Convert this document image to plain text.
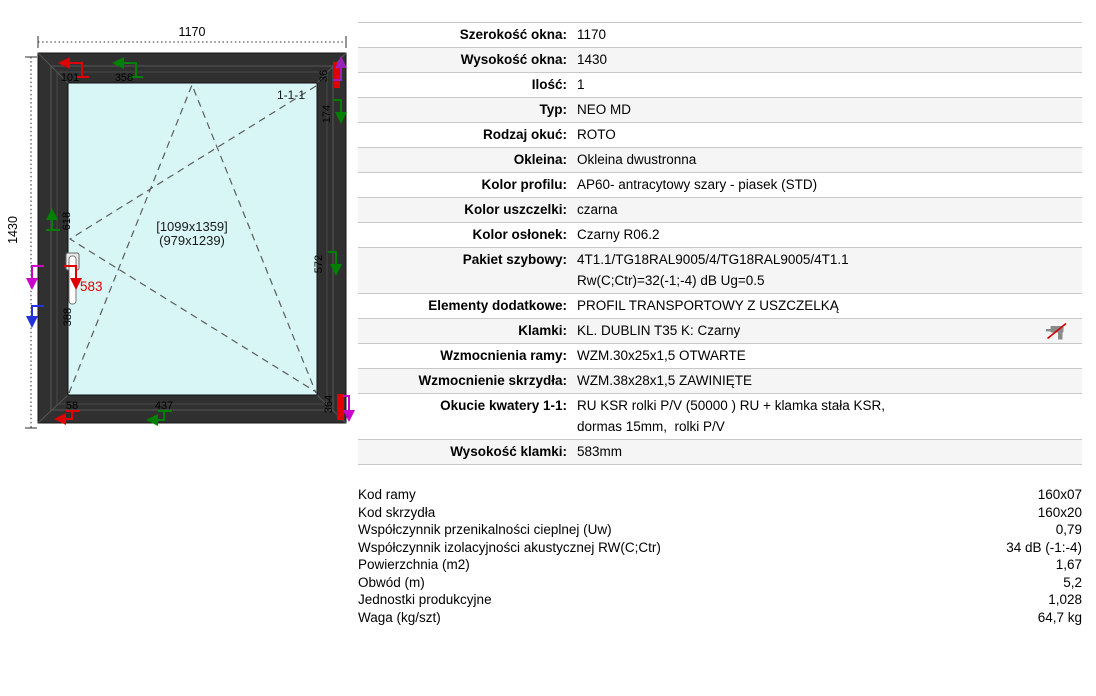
1170
1430
1-1-1
[1099x1359]
(979x1239)
101	358	36
174
618
583
388
572
58	437	364
Szerokość okna: 1170
Wysokość okna: 1430
Ilość: 1
Typ: NEO MD
Rodzaj okuć: ROTO
Okleina: Okleina dwustronna
Kolor profilu: AP60- antracytowy szary - piasek (STD)
Kolor uszczelki: czarna
Kolor osłonek: Czarny R06.2
Pakiet szybowy: 4T1.1/TG18RAL9005/4/TG18RAL9005/4T1.1
Rw(C;Ctr)=32(-1;-4) dB Ug=0.5
Elementy dodatkowe: PROFIL TRANSPORTOWY Z USZCZELKĄ
Klamki: KL. DUBLIN T35 K: Czarny
Wzmocnienia ramy: WZM.30x25x1,5 OTWARTE
Wzmocnienie skrzydła: WZM.38x28x1,5 ZAWINIĘTE
Okucie kwatery 1-1: RU KSR rolki P/V (50000 ) RU + klamka stała KSR,
dormas 15mm,  rolki P/V
Wysokość klamki: 583mm
Kod ramy	160x07
Kod skrzydła	160x20
Współczynnik przenikalności cieplnej (Uw)	0,79
Współczynnik izolacyjności akustycznej RW(C;Ctr)	34 dB (-1:-4)
Powierzchnia (m2)	1,67
Obwód (m)	5,2
Jednostki produkcyjne	1,028
Waga (kg/szt)	64,7 kg
